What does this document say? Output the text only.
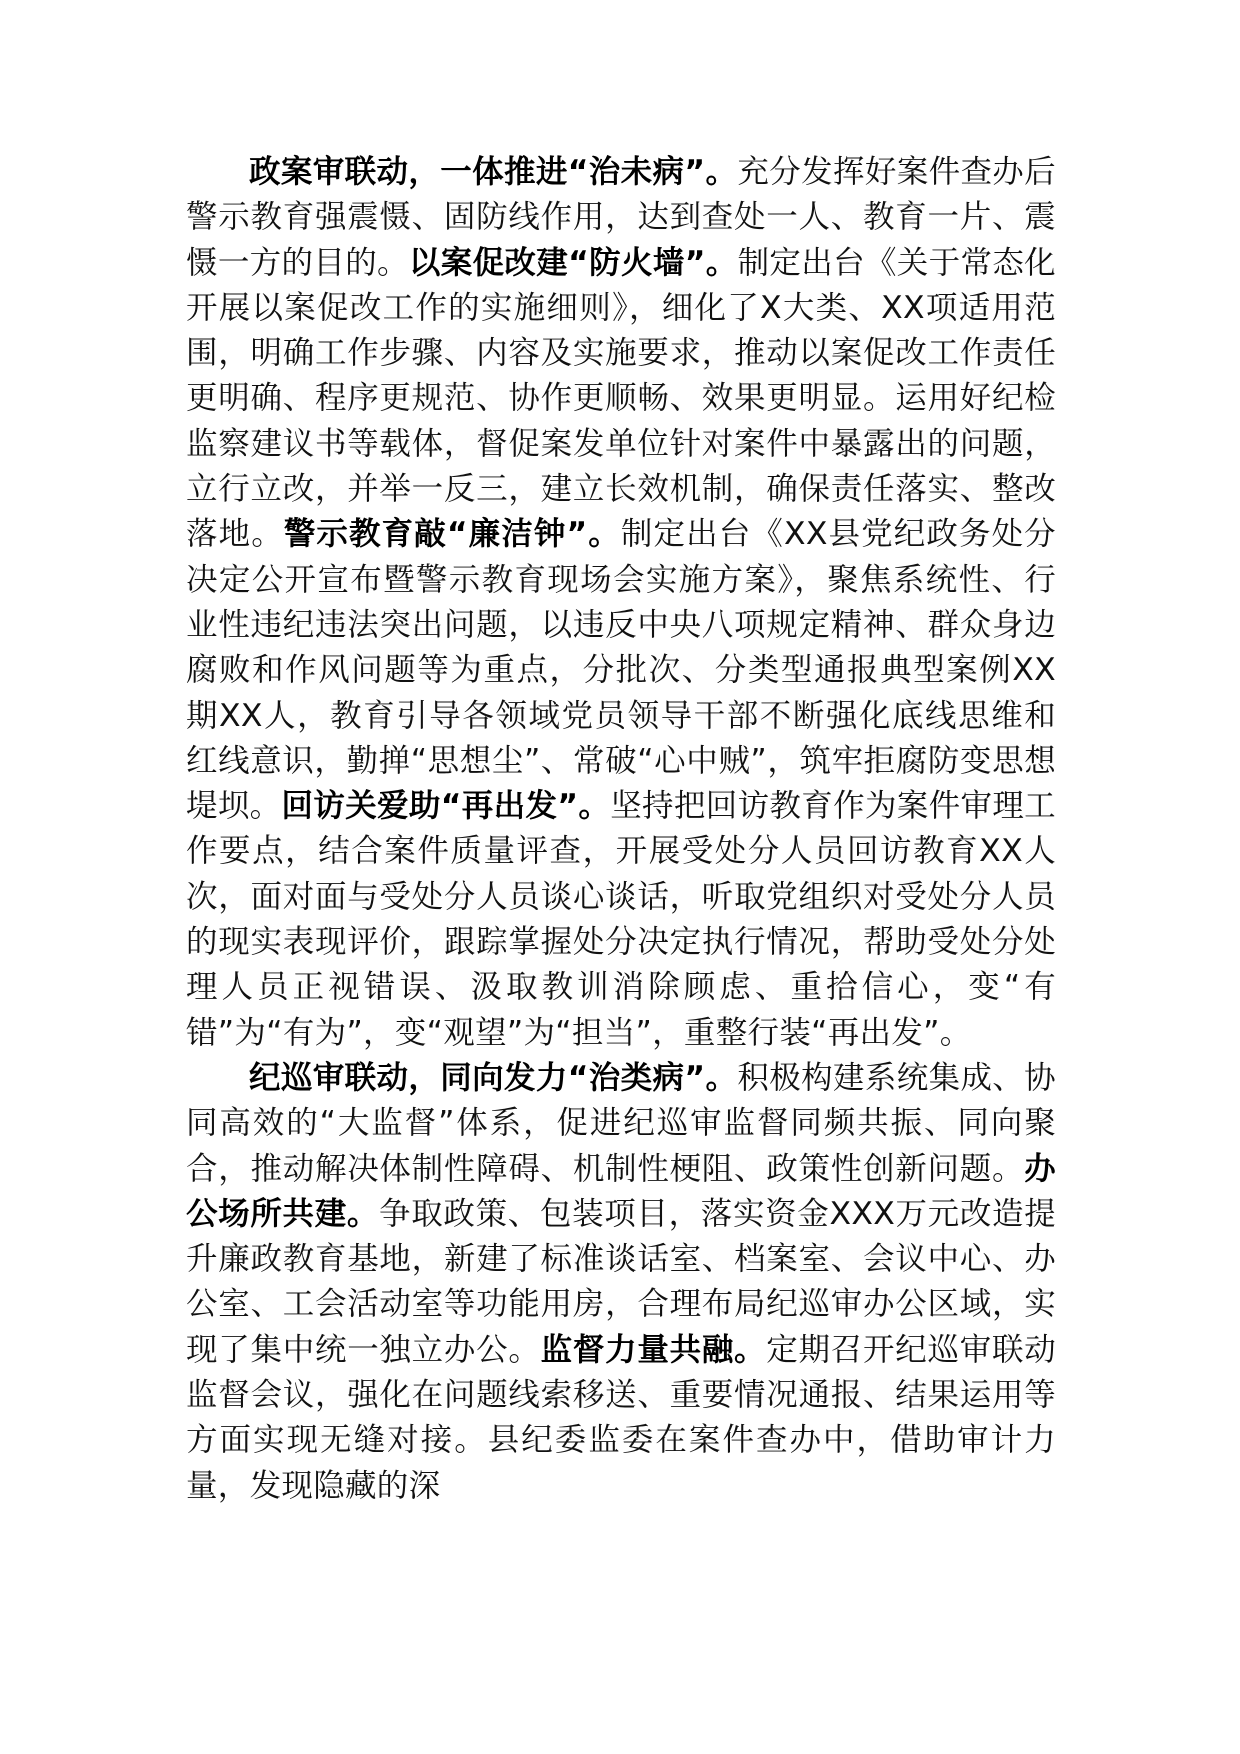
政案审联动，一体推进“治未病”。充分发挥好案件查办后警示教育强震慑、固防线作用，达到查处一人、教育一片、震慑一方的目的。以案促改建“防火墙”。制定出台《关于常态化开展以案促改工作的实施细则》，细化了X大类、XX项适用范围，明确工作步骤、内容及实施要求，推动以案促改工作责任更明确、程序更规范、协作更顺畅、效果更明显。运用好纪检监察建议书等载体，督促案发单位针对案件中暴露出的问题，立行立改，并举一反三，建立长效机制，确保责任落实、整改落地。警示教育敲“廉洁钟”。制定出台《XX县党纪政务处分决定公开宣布暨警示教育现场会实施方案》，聚焦系统性、行业性违纪违法突出问题，以违反中央八项规定精神、群众身边腐败和作风问题等为重点，分批次、分类型通报典型案例XX期XX人，教育引导各领域党员领导干部不断强化底线思维和红线意识，勤掸“思想尘”、常破“心中贼”，筑牢拒腐防变思想堤坝。回访关爱助“再出发”。坚持把回访教育作为案件审理工作要点，结合案件质量评查，开展受处分人员回访教育XX人次，面对面与受处分人员谈心谈话，听取党组织对受处分人员的现实表现评价，跟踪掌握处分决定执行情况，帮助受处分处理人员正视错误、汲取教训消除顾虑、重拾信心，变“有错”为“有为”，变“观望”为“担当”，重整行装“再出发”。

纪巡审联动，同向发力“治类病”。积极构建系统集成、协同高效的“大监督”体系，促进纪巡审监督同频共振、同向聚合，推动解决体制性障碍、机制性梗阻、政策性创新问题。办公场所共建。争取政策、包装项目，落实资金XXX万元改造提升廉政教育基地，新建了标准谈话室、档案室、会议中心、办公室、工会活动室等功能用房，合理布局纪巡审办公区域，实现了集中统一独立办公。监督力量共融。定期召开纪巡审联动监督会议，强化在问题线索移送、重要情况通报、结果运用等方面实现无缝对接。县纪委监委在案件查办中，借助审计力量，发现隐藏的深
